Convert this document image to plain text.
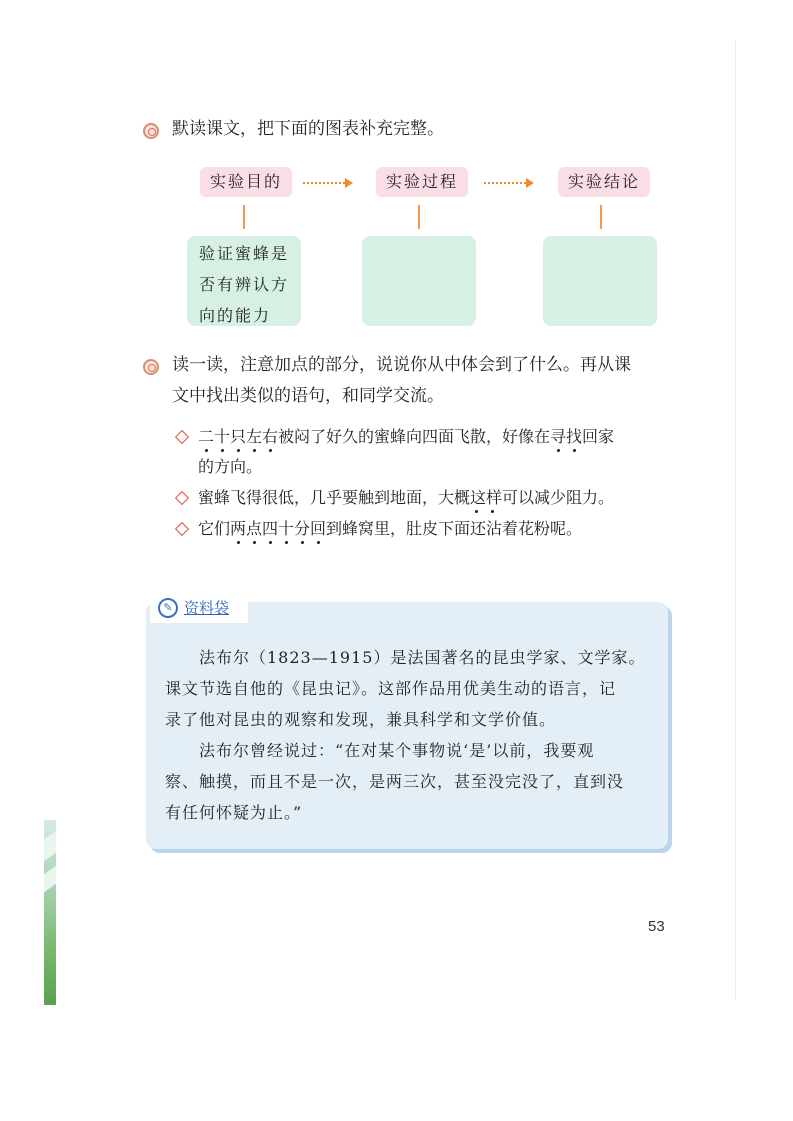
默读课文，把下面的图表补充完整。
实验目的	实验过程	实验结论
验证蜜蜂是
否有辨认方
向的能力
读一读，注意加点的部分，说说你从中体会到了什么。再从课
文中找出类似的语句，和同学交流。
二十只左右被闷了好久的蜜蜂向四面飞散，好像在寻找回家
的方向。
蜜蜂飞得很低，几乎要触到地面，大概这样可以减少阻力。
它们两点四十分回到蜂窝里，肚皮下面还沾着花粉呢。
✎ 资料袋
法布尔（1823—1915）是法国著名的昆虫学家、文学家。
课文节选自他的《昆虫记》。这部作品用优美生动的语言，记
录了他对昆虫的观察和发现，兼具科学和文学价值。
法布尔曾经说过：“在对某个事物说‘是’以前，我要观
察、触摸，而且不是一次，是两三次，甚至没完没了，直到没
有任何怀疑为止。”
53
